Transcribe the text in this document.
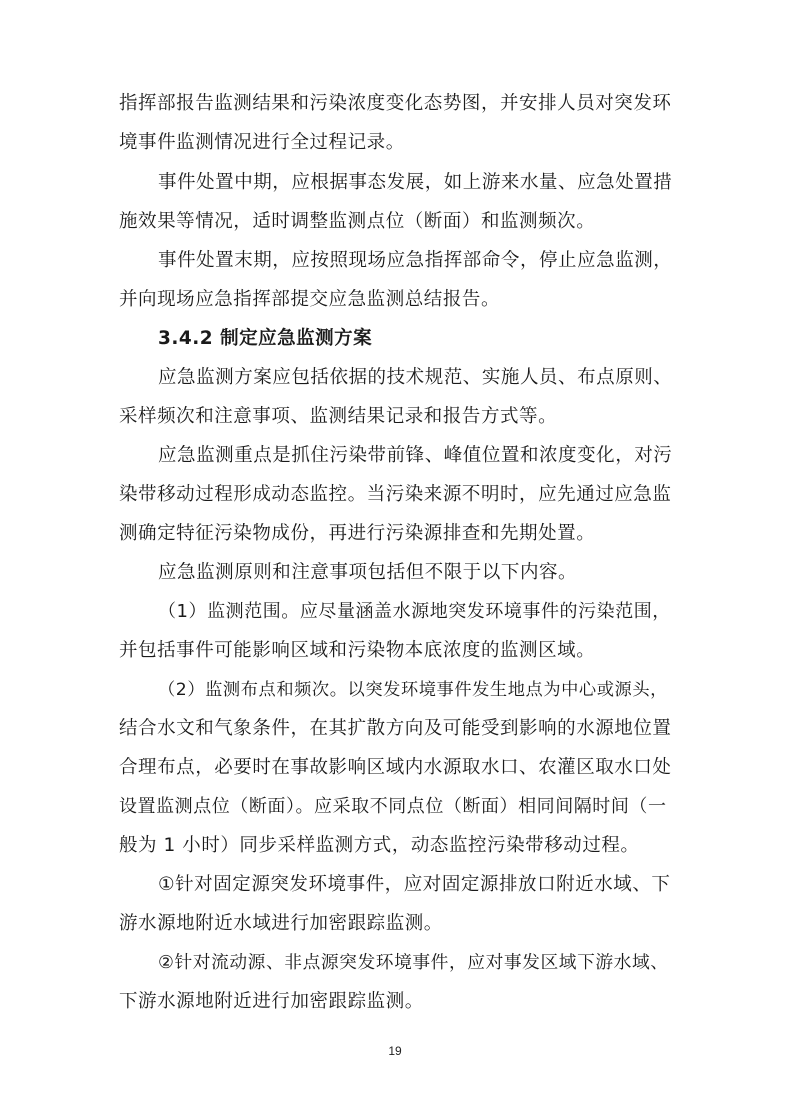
指挥部报告监测结果和污染浓度变化态势图，并安排人员对突发环
境事件监测情况进行全过程记录。
事件处置中期，应根据事态发展，如上游来水量、应急处置措
施效果等情况，适时调整监测点位（断面）和监测频次。
事件处置末期，应按照现场应急指挥部命令，停止应急监测，
并向现场应急指挥部提交应急监测总结报告。
3.4.2 制定应急监测方案
应急监测方案应包括依据的技术规范、实施人员、布点原则、
采样频次和注意事项、监测结果记录和报告方式等。
应急监测重点是抓住污染带前锋、峰值位置和浓度变化，对污
染带移动过程形成动态监控。当污染来源不明时，应先通过应急监
测确定特征污染物成份，再进行污染源排查和先期处置。
应急监测原则和注意事项包括但不限于以下内容。
（1）监测范围。应尽量涵盖水源地突发环境事件的污染范围，
并包括事件可能影响区域和污染物本底浓度的监测区域。
（2）监测布点和频次。以突发环境事件发生地点为中心或源头，
结合水文和气象条件，在其扩散方向及可能受到影响的水源地位置
合理布点，必要时在事故影响区域内水源取水口、农灌区取水口处
设置监测点位（断面）。应采取不同点位（断面）相同间隔时间（一
般为 1 小时）同步采样监测方式，动态监控污染带移动过程。
①针对固定源突发环境事件，应对固定源排放口附近水域、下
游水源地附近水域进行加密跟踪监测。
②针对流动源、非点源突发环境事件，应对事发区域下游水域、
下游水源地附近进行加密跟踪监测。
19
